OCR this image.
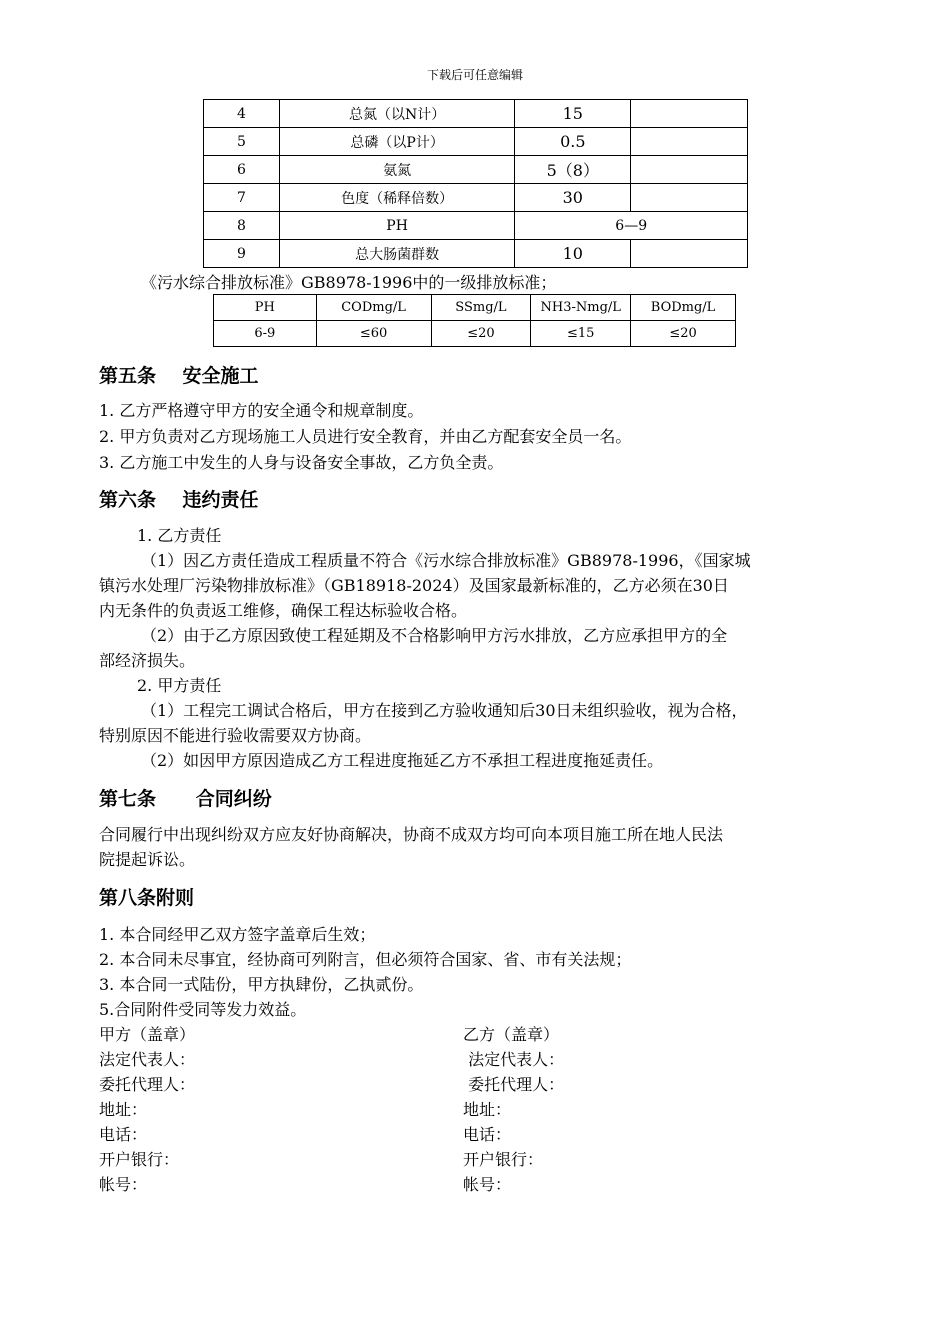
下载后可任意编辑
4	总氮（以N计）	15	
5	总磷（以P计）	0.5	
6	氨氮	5（8）	
7	色度（稀释倍数）	30	
8	PH	6—9	
9	总大肠菌群数	10	
《污水综合排放标准》GB8978-1996中的一级排放标准；
PH	CODmg/L	SSmg/L	NH3-Nmg/L	BODmg/L
6-9	≤60	≤20	≤15	≤20
第五条    安全施工
1. 乙方严格遵守甲方的安全通令和规章制度。
2. 甲方负责对乙方现场施工人员进行安全教育，并由乙方配套安全员一名。
3. 乙方施工中发生的人身与设备安全事故，乙方负全责。
第六条    违约责任
1. 乙方责任
（1）因乙方责任造成工程质量不符合《污水综合排放标准》GB8978-1996，《国家城
镇污水处理厂污染物排放标准》（GB18918-2024）及国家最新标准的，乙方必须在30日
内无条件的负责返工维修，确保工程达标验收合格。
（2）由于乙方原因致使工程延期及不合格影响甲方污水排放，乙方应承担甲方的全
部经济损失。
2. 甲方责任
（1）工程完工调试合格后，甲方在接到乙方验收通知后30日未组织验收，视为合格，
特别原因不能进行验收需要双方协商。
（2）如因甲方原因造成乙方工程进度拖延乙方不承担工程进度拖延责任。
第七条      合同纠纷
合同履行中出现纠纷双方应友好协商解决，协商不成双方均可向本项目施工所在地人民法
院提起诉讼。
第八条附则
1. 本合同经甲乙双方签字盖章后生效；
2. 本合同未尽事宜，经协商可列附言，但必须符合国家、省、市有关法规；
3. 本合同一式陆份，甲方执肆份，乙执贰份。
5.合同附件受同等发力效益。
甲方（盖章）
法定代表人：
委托代理人：
地址：
电话：
开户银行：
帐号：
乙方（盖章）
法定代表人：
委托代理人：
地址：
电话：
开户银行：
帐号：
